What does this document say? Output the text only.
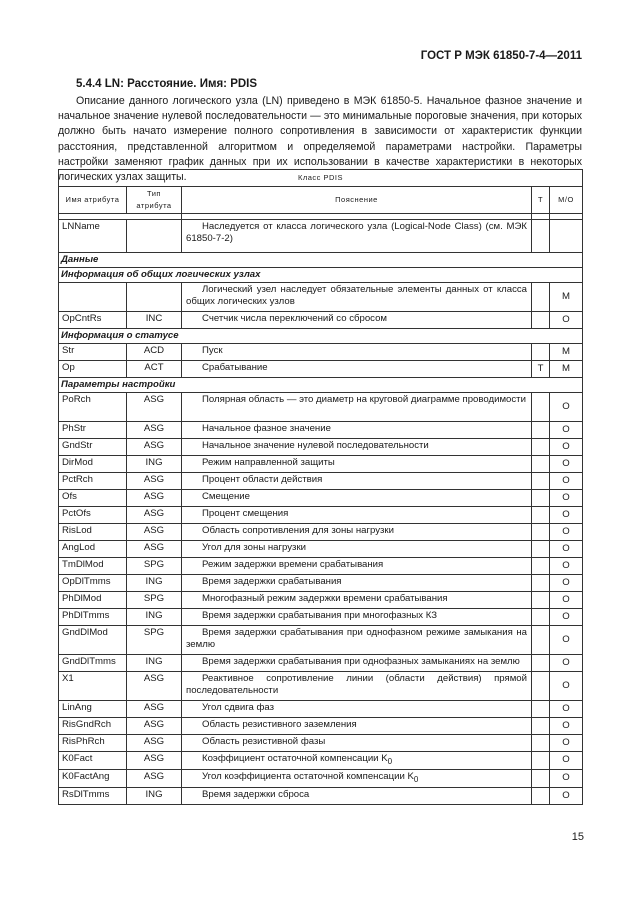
ГОСТ Р МЭК 61850-7-4—2011
5.4.4 LN: Расстояние. Имя: PDIS
Описание данного логического узла (LN) приведено в МЭК 61850-5. Начальное фазное значение и начальное значение нулевой последовательности — это минимальные пороговые значения, при которых должно быть начато измерение полного сопротивления в зависимости от характеристик функции расстояния, представленной алгоритмом и определяемой параметрами настройки. Параметры настройки заменяют график данных при их использовании в качестве характеристики в некоторых логических узлах защиты.	Класс PDIS				
Имя атрибута	Тип атрибута	Пояснение	T	М/О

LNName		Наследуется от класса логического узла (Logical-Node Class) (см. МЭК 61850-7-2)		
Данные				
Информация об общих логических узлах				
		Логический узел наследует обязательные элементы данных от класса общих логических узлов		M
OpCntRs	INC	Счетчик числа переключений со сбросом		O
Информация о статусе				
Str	ACD	Пуск		M
Op	ACT	Срабатывание	T	M
Параметры настройки				
PoRch	ASG	Полярная область — это диаметр на круговой диаграмме проводимости		O
PhStr	ASG	Начальное фазное значение		O
GndStr	ASG	Начальное значение нулевой последовательности		O
DirMod	ING	Режим направленной защиты		O
PctRch	ASG	Процент области действия		O
Ofs	ASG	Смещение		O
PctOfs	ASG	Процент смещения		O
RisLod	ASG	Область сопротивления для зоны нагрузки		O
AngLod	ASG	Угол для зоны нагрузки		O
TmDlMod	SPG	Режим задержки времени срабатывания		O
OpDlTmms	ING	Время задержки срабатывания		O
PhDlMod	SPG	Многофазный режим задержки времени срабатывания		O
PhDlTmms	ING	Время задержки срабатывания при многофазных КЗ		O
GndDlMod	SPG	Время задержки срабатывания при однофазном режиме замыкания на землю		O
GndDlTmms	ING	Время задержки срабатывания при однофазных замыканиях на землю		O
X1	ASG	Реактивное сопротивление линии (области действия) прямой последовательности		O
LinAng	ASG	Угол сдвига фаз		O
RisGndRch	ASG	Область резистивного заземления		O
RisPhRch	ASG	Область резистивной фазы		O
K0Fact	ASG	Коэффициент остаточной компенсации $K_0$		O
K0FactAng	ASG	Угол коэффициента остаточной компенсации $K_0$		O
RsDlTmms	ING	Время задержки сброса		O
15
